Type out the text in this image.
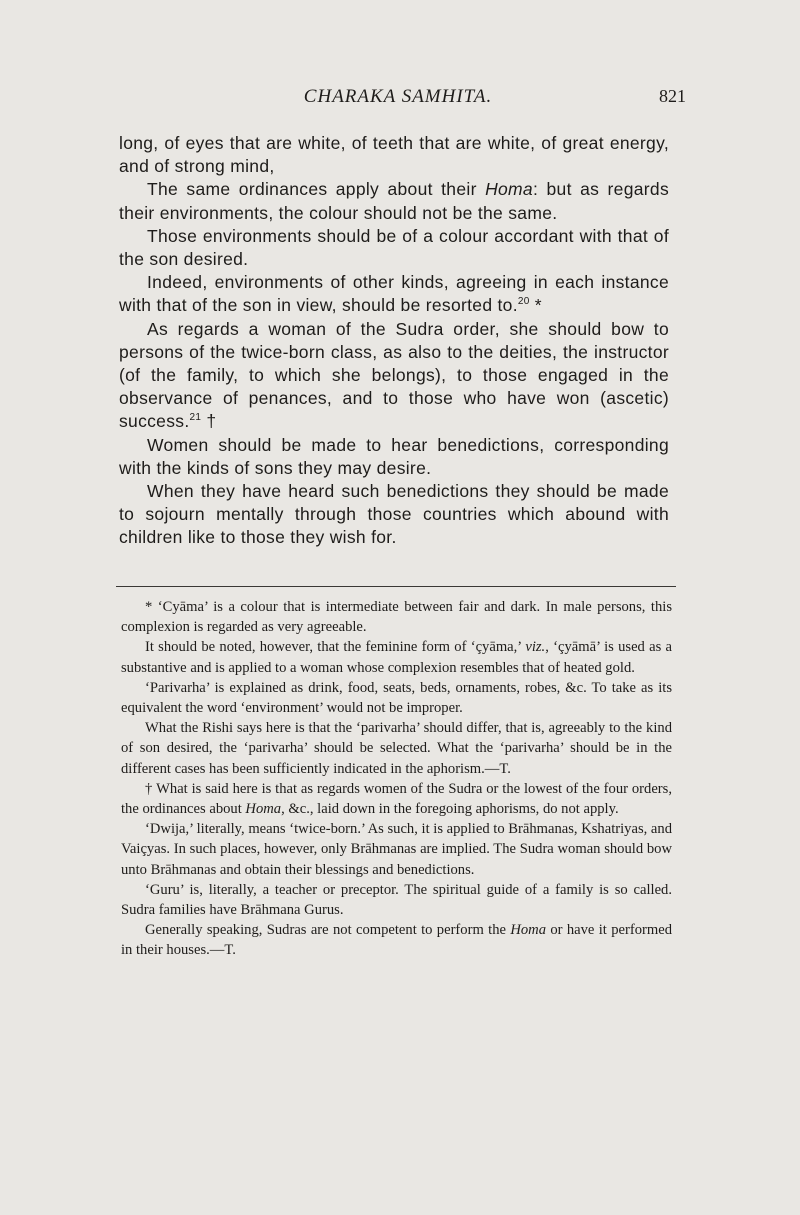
CHARAKA SAMHITA.	821

long, of eyes that are white, of teeth that are white, of great energy, and of strong mind,

The same ordinances apply about their Homa: but as regards their environments, the colour should not be the same.

Those environments should be of a colour accordant with that of the son desired.

Indeed, environments of other kinds, agreeing in each instance with that of the son in view, should be resorted to.$^{20}$ *

As regards a woman of the Sudra order, she should bow to persons of the twice-born class, as also to the deities, the instructor (of the family, to which she belongs), to those engaged in the observance of penances, and to those who have won (ascetic) success.$^{21}$ †

Women should be made to hear benedictions, corresponding with the kinds of sons they may desire.

When they have heard such benedictions they should be made to sojourn mentally through those countries which abound with children like to those they wish for.

* ‘Cyāma’ is a colour that is intermediate between fair and dark. In male persons, this complexion is regarded as very agreeable.

It should be noted, however, that the feminine form of ‘çyāma,’ viz., ‘çyāmā’ is used as a substantive and is applied to a woman whose complexion resembles that of heated gold.

‘Parivarha’ is explained as drink, food, seats, beds, ornaments, robes, &c. To take as its equivalent the word ‘environment’ would not be improper.

What the Rishi says here is that the ‘parivarha’ should differ, that is, agreeably to the kind of son desired, the ‘parivarha’ should be selected. What the ‘parivarha’ should be in the different cases has been sufficiently indicated in the aphorism.—T.

† What is said here is that as regards women of the Sudra or the lowest of the four orders, the ordinances about Homa, &c., laid down in the foregoing aphorisms, do not apply.

‘Dwija,’ literally, means ‘twice-born.’ As such, it is applied to Brāhmanas, Kshatriyas, and Vaiçyas. In such places, however, only Brāhmanas are implied. The Sudra woman should bow unto Brāhmanas and obtain their blessings and benedictions.

‘Guru’ is, literally, a teacher or preceptor. The spiritual guide of a family is so called. Sudra families have Brāhmana Gurus.

Generally speaking, Sudras are not competent to perform the Homa or have it performed in their houses.—T.
